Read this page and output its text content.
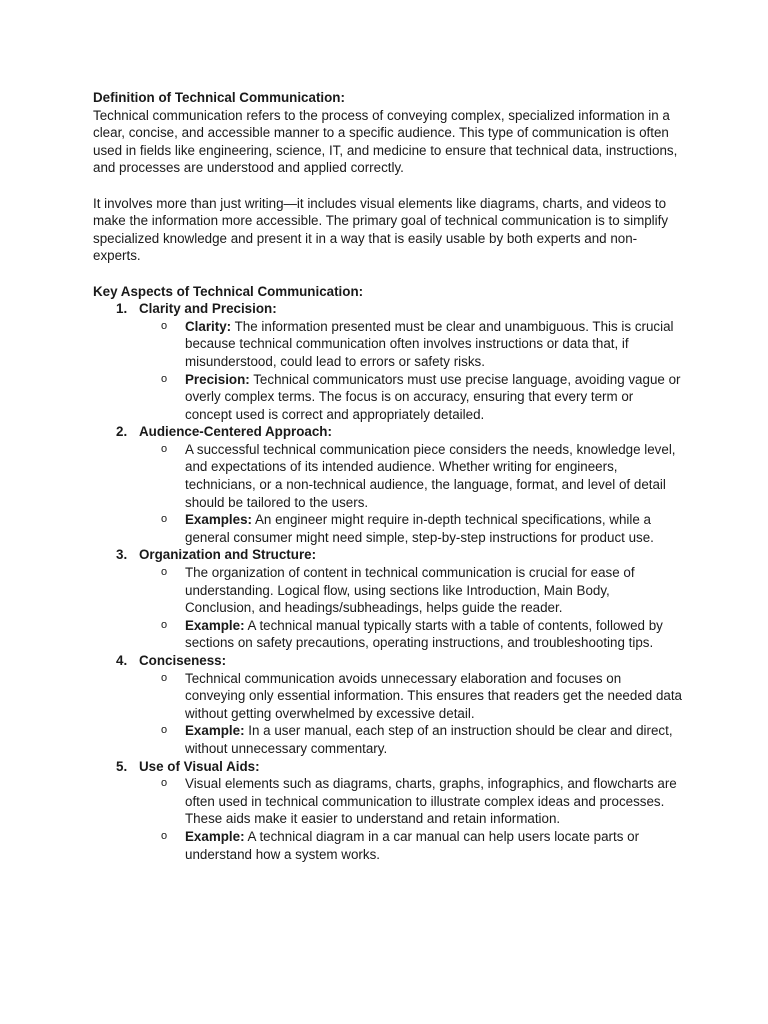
Definition of Technical Communication:

Technical communication refers to the process of conveying complex, specialized information in a clear, concise, and accessible manner to a specific audience. This type of communication is often used in fields like engineering, science, IT, and medicine to ensure that technical data, instructions, and processes are understood and applied correctly.

It involves more than just writing—it includes visual elements like diagrams, charts, and videos to make the information more accessible. The primary goal of technical communication is to simplify specialized knowledge and present it in a way that is easily usable by both experts and non-experts.

Key Aspects of Technical Communication:

1. Clarity and Precision:
o Clarity: The information presented must be clear and unambiguous. This is crucial because technical communication often involves instructions or data that, if misunderstood, could lead to errors or safety risks.
o Precision: Technical communicators must use precise language, avoiding vague or overly complex terms. The focus is on accuracy, ensuring that every term or concept used is correct and appropriately detailed.
2. Audience-Centered Approach:
o A successful technical communication piece considers the needs, knowledge level, and expectations of its intended audience. Whether writing for engineers, technicians, or a non-technical audience, the language, format, and level of detail should be tailored to the users.
o Examples: An engineer might require in-depth technical specifications, while a general consumer might need simple, step-by-step instructions for product use.
3. Organization and Structure:
o The organization of content in technical communication is crucial for ease of understanding. Logical flow, using sections like Introduction, Main Body, Conclusion, and headings/subheadings, helps guide the reader.
o Example: A technical manual typically starts with a table of contents, followed by sections on safety precautions, operating instructions, and troubleshooting tips.
4. Conciseness:
o Technical communication avoids unnecessary elaboration and focuses on conveying only essential information. This ensures that readers get the needed data without getting overwhelmed by excessive detail.
o Example: In a user manual, each step of an instruction should be clear and direct, without unnecessary commentary.
5. Use of Visual Aids:
o Visual elements such as diagrams, charts, graphs, infographics, and flowcharts are often used in technical communication to illustrate complex ideas and processes. These aids make it easier to understand and retain information.
o Example: A technical diagram in a car manual can help users locate parts or understand how a system works.
